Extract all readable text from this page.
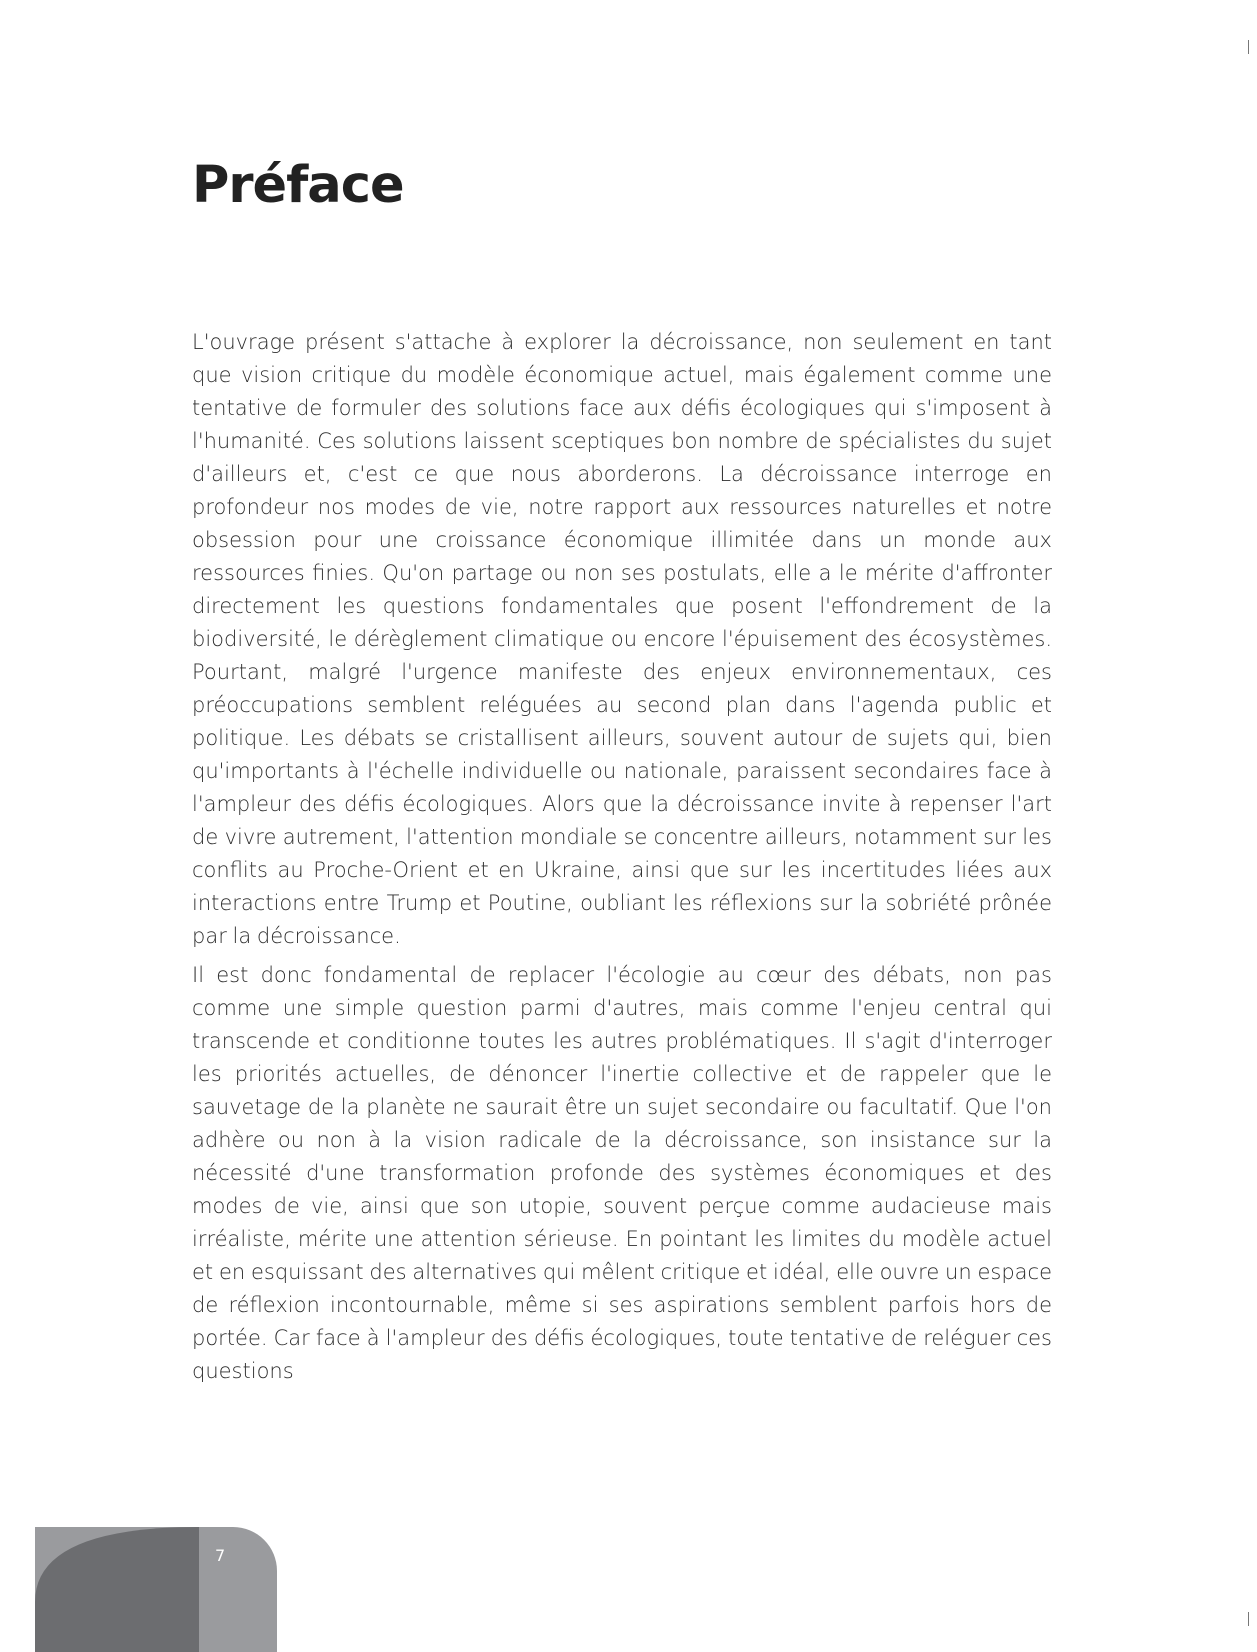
Préface

L'ouvrage présent s'attache à explorer la décroissance, non seulement en tant que vision critique du modèle économique actuel, mais également comme une tentative de formuler des solutions face aux défis écologiques qui s'imposent à l'humanité. Ces solutions laissent sceptiques bon nombre de spécialistes du sujet d'ailleurs et, c'est ce que nous aborderons. La décroissance interroge en profondeur nos modes de vie, notre rapport aux ressources naturelles et notre obsession pour une croissance économique illimitée dans un monde aux ressources finies. Qu'on partage ou non ses postulats, elle a le mérite d'affronter directement les questions fondamentales que posent l'effondrement de la biodiversité, le dérèglement climatique ou encore l'épuisement des écosystèmes. Pourtant, malgré l'urgence manifeste des enjeux environnementaux, ces préoccupations semblent reléguées au second plan dans l'agenda public et politique. Les débats se cristallisent ailleurs, souvent autour de sujets qui, bien qu'importants à l'échelle individuelle ou nationale, paraissent secondaires face à l'ampleur des défis écologiques. Alors que la décroissance invite à repenser l'art de vivre autrement, l'attention mondiale se concentre ailleurs, notamment sur les conflits au Proche-Orient et en Ukraine, ainsi que sur les incertitudes liées aux interactions entre Trump et Poutine, oubliant les réflexions sur la sobriété prônée par la décroissance.

Il est donc fondamental de replacer l'écologie au cœur des débats, non pas comme une simple question parmi d'autres, mais comme l'enjeu central qui transcende et conditionne toutes les autres problématiques. Il s'agit d'interroger les priorités actuelles, de dénoncer l'inertie collective et de rappeler que le sauvetage de la planète ne saurait être un sujet secondaire ou facultatif. Que l'on adhère ou non à la vision radicale de la décroissance, son insistance sur la nécessité d'une transformation profonde des systèmes économiques et des modes de vie, ainsi que son utopie, souvent perçue comme audacieuse mais irréaliste, mérite une attention sérieuse. En pointant les limites du modèle actuel et en esquissant des alternatives qui mêlent critique et idéal, elle ouvre un espace de réflexion incontournable, même si ses aspirations semblent parfois hors de portée. Car face à l'ampleur des défis écologiques, toute tentative de reléguer ces questions

7
